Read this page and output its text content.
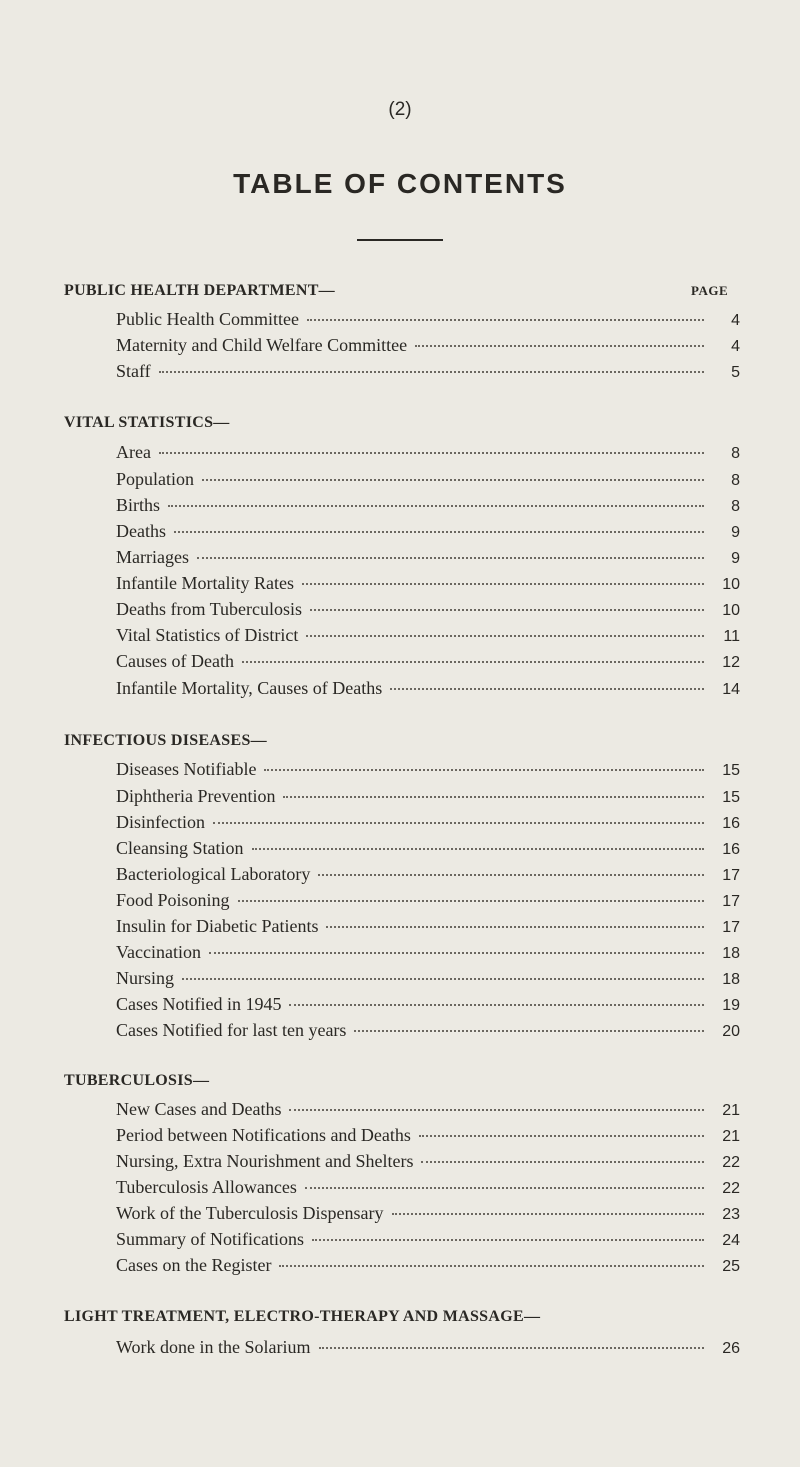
(2)
TABLE OF CONTENTS
PAGE
PUBLIC HEALTH DEPARTMENT—
Public Health Committee	4
Maternity and Child Welfare Committee	4
Staff	5
VITAL STATISTICS—
Area	8
Population	8
Births	8
Deaths	9
Marriages	9
Infantile Mortality Rates	10
Deaths from Tuberculosis	10
Vital Statistics of District	11
Causes of Death	12
Infantile Mortality, Causes of Deaths	14
INFECTIOUS DISEASES—
Diseases Notifiable	15
Diphtheria Prevention	15
Disinfection	16
Cleansing Station	16
Bacteriological Laboratory	17
Food Poisoning	17
Insulin for Diabetic Patients	17
Vaccination	18
Nursing	18
Cases Notified in 1945	19
Cases Notified for last ten years	20
TUBERCULOSIS—
New Cases and Deaths	21
Period between Notifications and Deaths	21
Nursing, Extra Nourishment and Shelters	22
Tuberculosis Allowances	22
Work of the Tuberculosis Dispensary	23
Summary of Notifications	24
Cases on the Register	25
LIGHT TREATMENT, ELECTRO-THERAPY AND MASSAGE—
Work done in the Solarium	26
